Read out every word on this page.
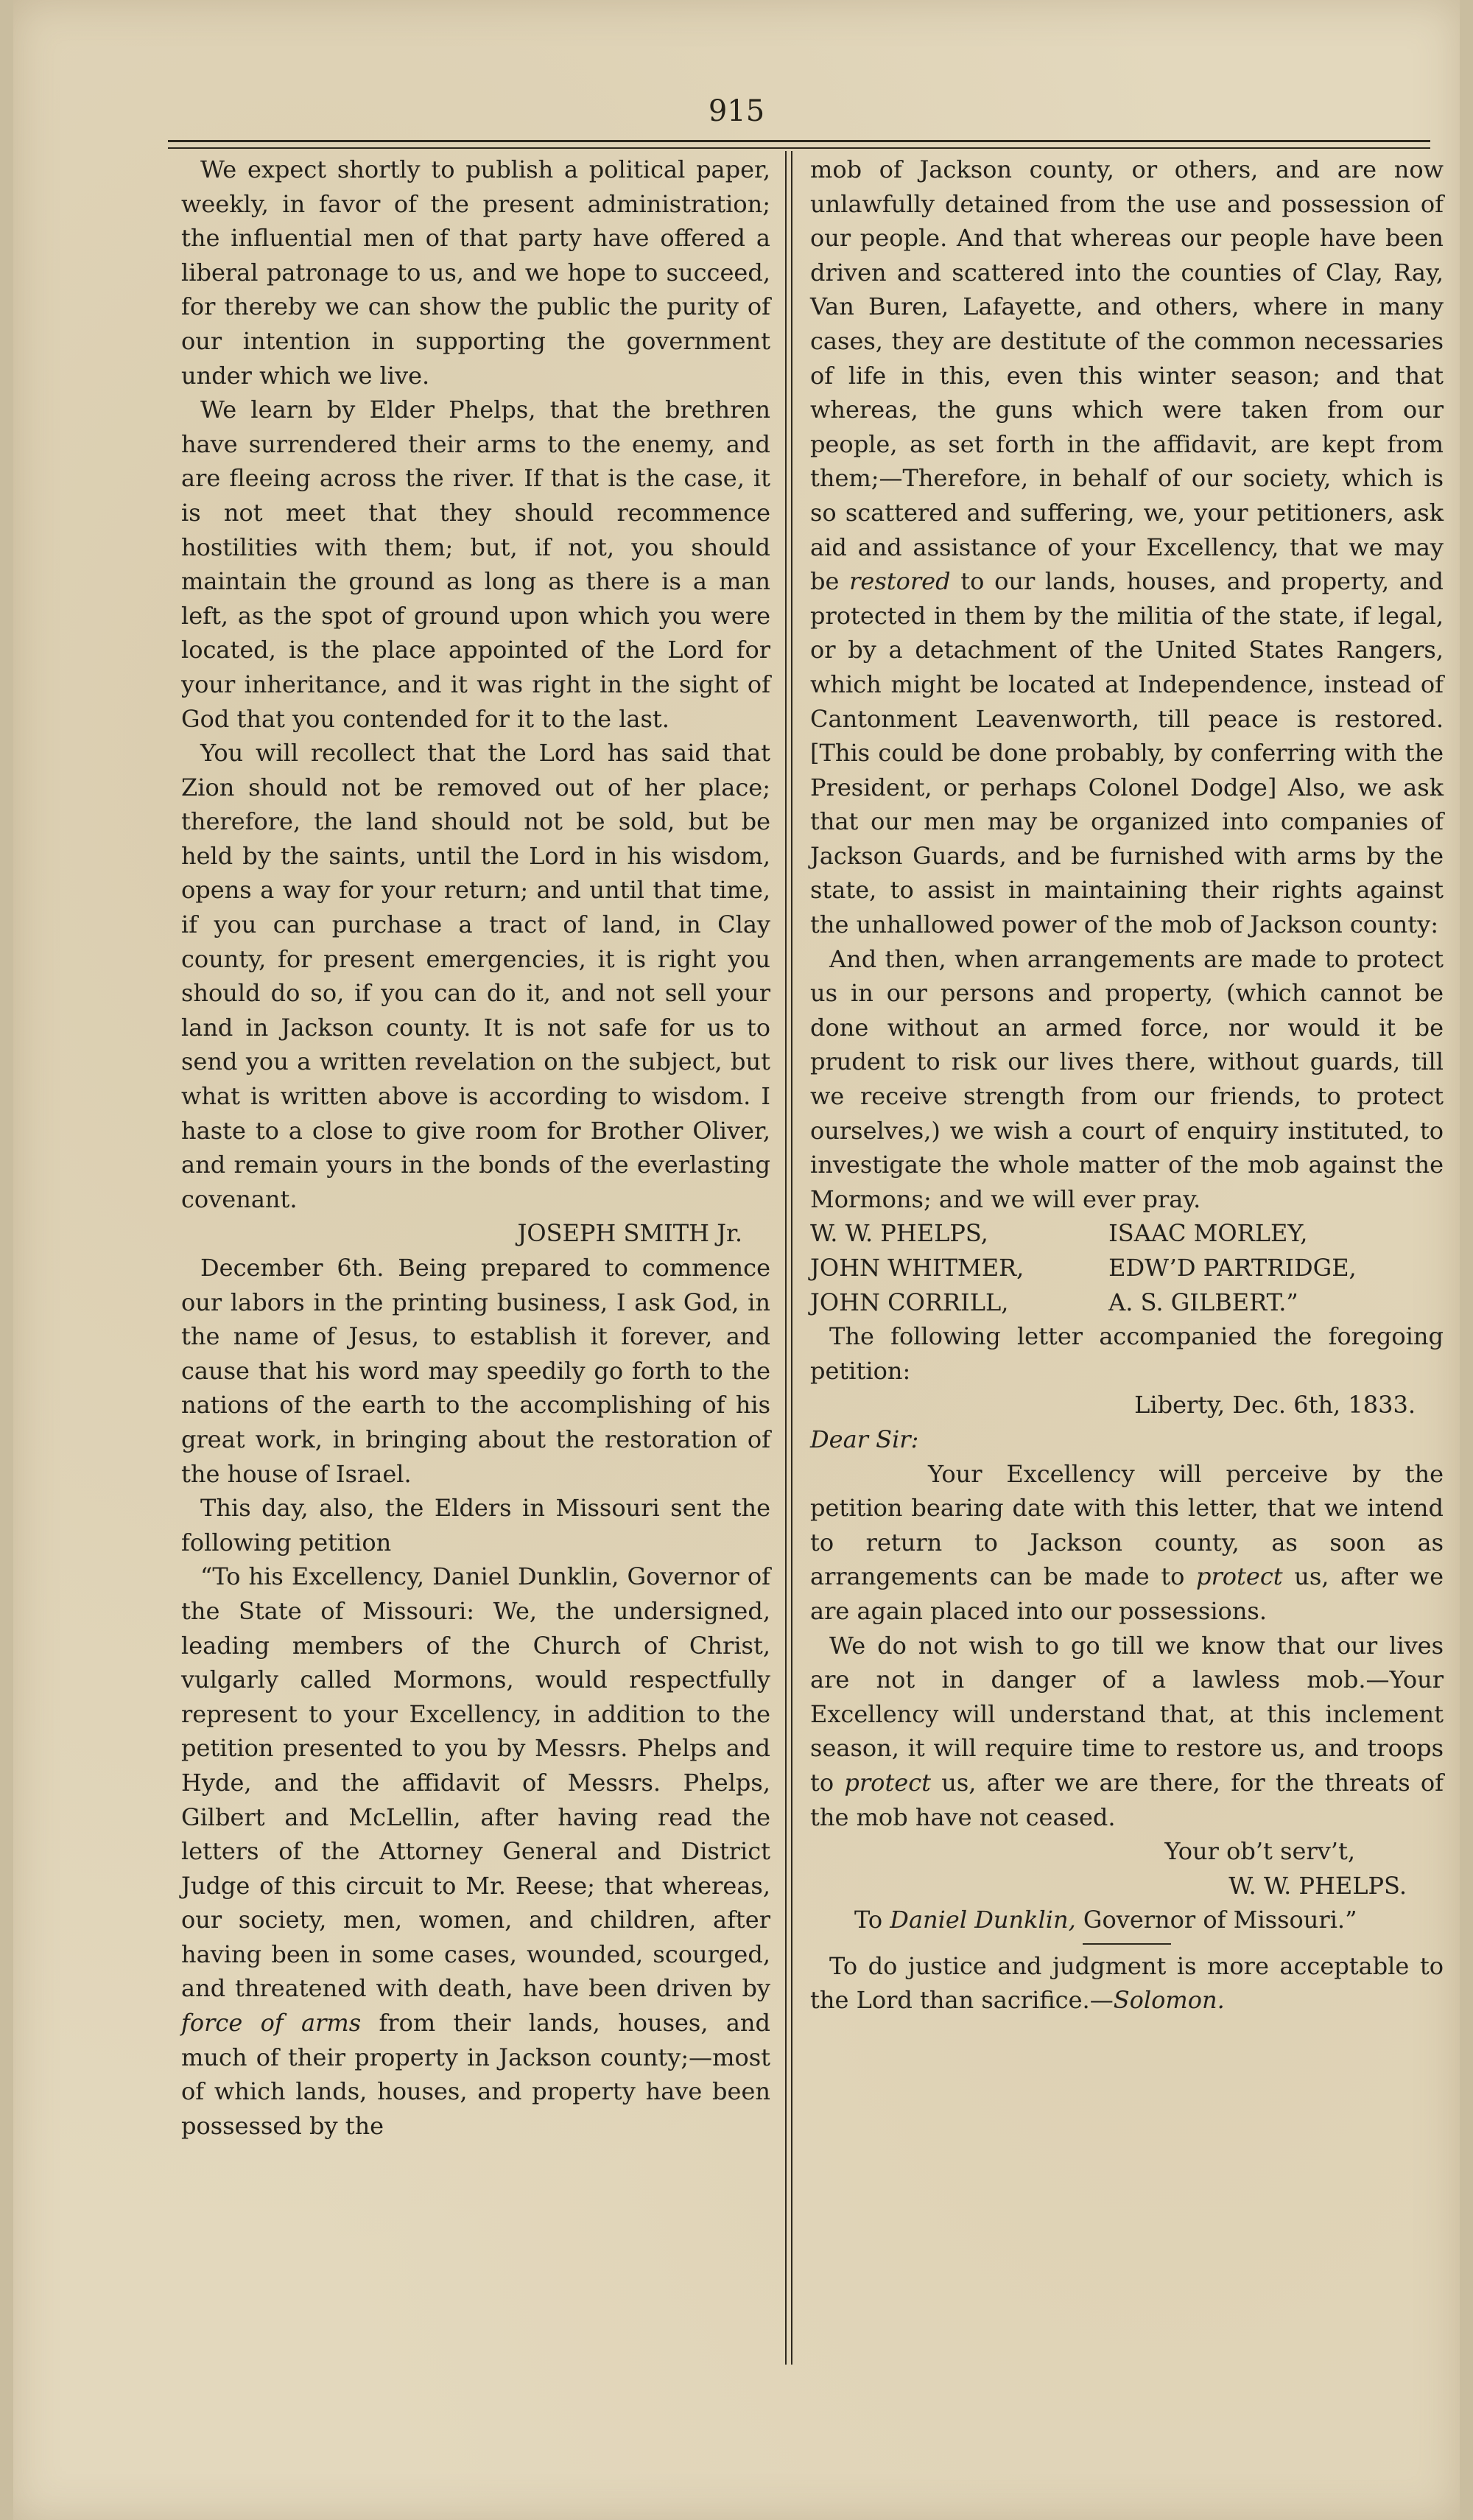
915

We expect shortly to publish a political paper, weekly, in favor of the present administration; the influential men of that party have offered a liberal patronage to us, and we hope to succeed, for thereby we can show the public the purity of our intention in supporting the government under which we live.

We learn by Elder Phelps, that the brethren have surrendered their arms to the enemy, and are fleeing across the river. If that is the case, it is not meet that they should recommence hostilities with them; but, if not, you should maintain the ground as long as there is a man left, as the spot of ground upon which you were located, is the place appointed of the Lord for your inheritance, and it was right in the sight of God that you contended for it to the last.

You will recollect that the Lord has said that Zion should not be removed out of her place; therefore, the land should not be sold, but be held by the saints, until the Lord in his wisdom, opens a way for your return; and until that time, if you can purchase a tract of land, in Clay county, for present emergencies, it is right you should do so, if you can do it, and not sell your land in Jackson county. It is not safe for us to send you a written revelation on the subject, but what is written above is according to wisdom. I haste to a close to give room for Brother Oliver, and remain yours in the bonds of the everlasting covenant.

JOSEPH SMITH Jr.

December 6th. Being prepared to commence our labors in the printing business, I ask God, in the name of Jesus, to establish it forever, and cause that his word may speedily go forth to the nations of the earth to the accomplishing of his great work, in bringing about the restoration of the house of Israel.

This day, also, the Elders in Missouri sent the following petition

“To his Excellency, Daniel Dunklin, Governor of the State of Missouri: We, the undersigned, leading members of the Church of Christ, vulgarly called Mormons, would respectfully represent to your Excellency, in addition to the petition presented to you by Messrs. Phelps and Hyde, and the affidavit of Messrs. Phelps, Gilbert and McLellin, after having read the letters of the Attorney General and District Judge of this circuit to Mr. Reese; that whereas, our society, men, women, and children, after having been in some cases, wounded, scourged, and threatened with death, have been driven by force of arms from their lands, houses, and much of their property in Jackson county;—most of which lands, houses, and property have been possessed by the

mob of Jackson county, or others, and are now unlawfully detained from the use and possession of our people. And that whereas our people have been driven and scattered into the counties of Clay, Ray, Van Buren, Lafayette, and others, where in many cases, they are destitute of the common necessaries of life in this, even this winter season; and that whereas, the guns which were taken from our people, as set forth in the affidavit, are kept from them;—Therefore, in behalf of our society, which is so scattered and suffering, we, your petitioners, ask aid and assistance of your Excellency, that we may be restored to our lands, houses, and property, and protected in them by the militia of the state, if legal, or by a detachment of the United States Rangers, which might be located at Independence, instead of Cantonment Leavenworth, till peace is restored. [This could be done probably, by conferring with the President, or perhaps Colonel Dodge] Also, we ask that our men may be organized into companies of Jackson Guards, and be furnished with arms by the state, to assist in maintaining their rights against the unhallowed power of the mob of Jackson county:

And then, when arrangements are made to protect us in our persons and property, (which cannot be done without an armed force, nor would it be prudent to risk our lives there, without guards, till we receive strength from our friends, to protect ourselves,) we wish a court of enquiry instituted, to investigate the whole matter of the mob against the Mormons; and we will ever pray.

W. W. PHELPS,	ISAAC MORLEY,
JOHN WHITMER,	EDW’D PARTRIDGE,
JOHN CORRILL,	A. S. GILBERT.”

The following letter accompanied the foregoing petition:

Liberty, Dec. 6th, 1833.

Dear Sir:

Your Excellency will perceive by the petition bearing date with this letter, that we intend to return to Jackson county, as soon as arrangements can be made to protect us, after we are again placed into our possessions.

We do not wish to go till we know that our lives are not in danger of a lawless mob.—Your Excellency will understand that, at this inclement season, it will require time to restore us, and troops to protect us, after we are there, for the threats of the mob have not ceased.

Your ob’t serv’t,

W. W. PHELPS.

To Daniel Dunklin, Governor of Missouri.”

To do justice and judgment is more acceptable to the Lord than sacrifice.—Solomon.
